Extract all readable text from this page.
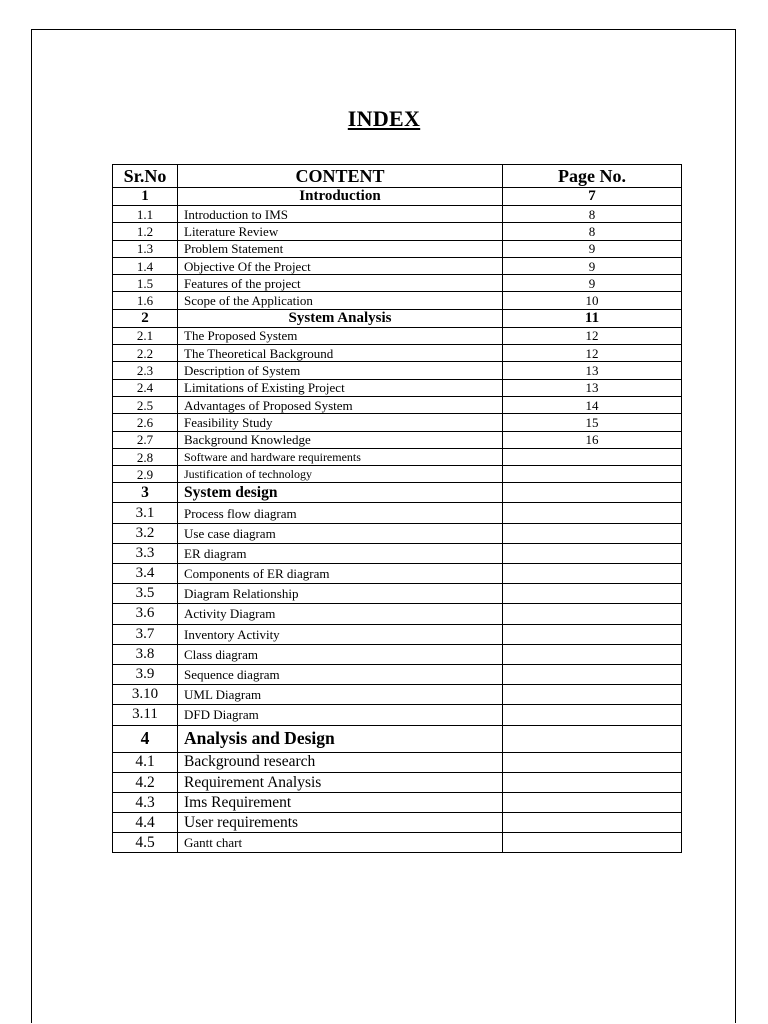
INDEX
Sr.No	CONTENT	Page No.
1	Introduction	7
1.1	Introduction to IMS	8
1.2	Literature Review	8
1.3	Problem Statement	9
1.4	Objective Of the Project	9
1.5	Features of the project	9
1.6	Scope of the Application	10
2	System Analysis	11
2.1	The Proposed System	12
2.2	The Theoretical Background	12
2.3	Description of System	13
2.4	Limitations of Existing Project	13
2.5	Advantages of Proposed System	14
2.6	Feasibility Study	15
2.7	Background Knowledge	16
2.8	Software and hardware requirements	
2.9	Justification of technology	
3	System design	
3.1	Process flow diagram	
3.2	Use case diagram	
3.3	ER diagram	
3.4	Components of ER diagram	
3.5	Diagram Relationship	
3.6	Activity Diagram	
3.7	Inventory Activity	
3.8	Class diagram	
3.9	Sequence diagram	
3.10	UML Diagram	
3.11	DFD Diagram	
4	Analysis and Design	
4.1	Background research	
4.2	Requirement Analysis	
4.3	Ims Requirement	
4.4	User requirements	
4.5	Gantt chart	
